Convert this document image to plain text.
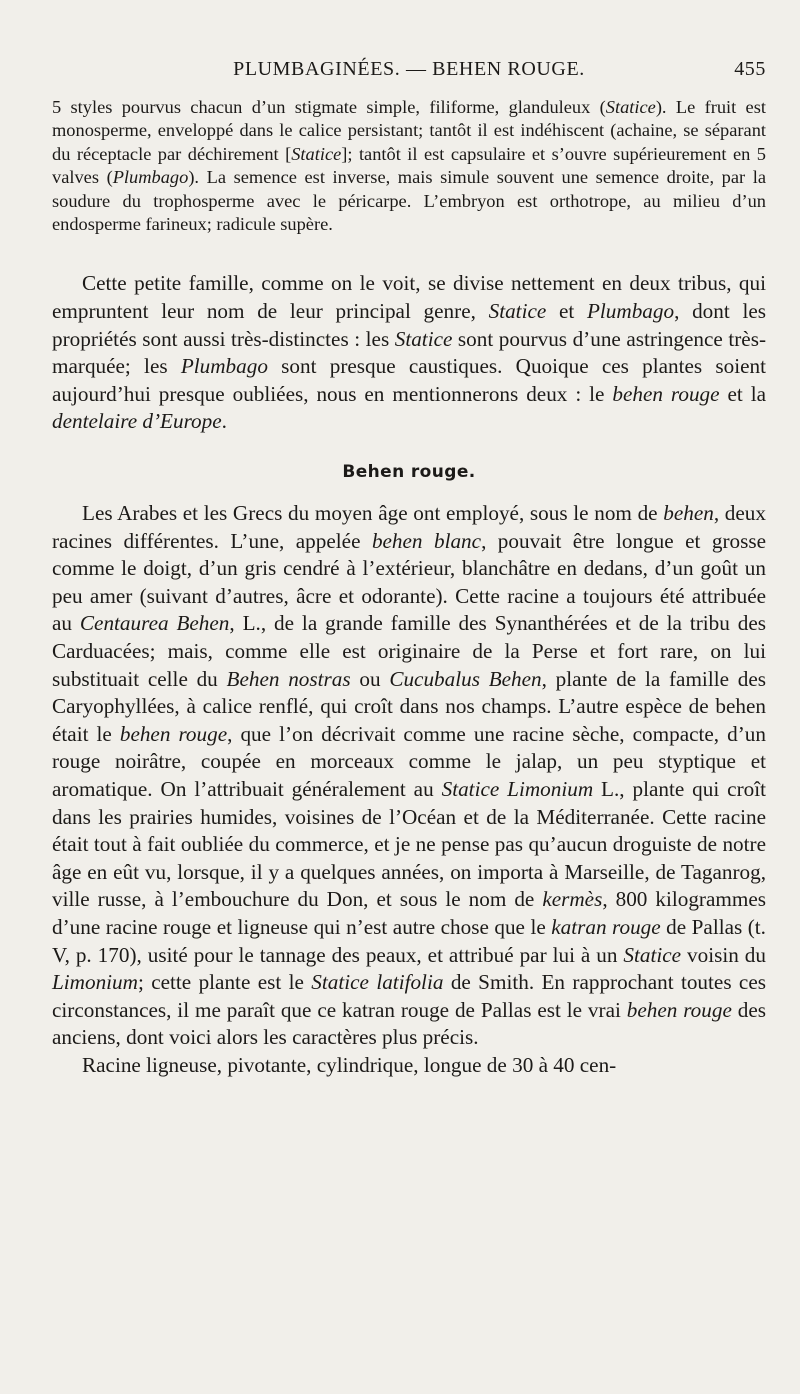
PLUMBAGINÉES. — BEHEN ROUGE.	455

5 styles pourvus chacun d’un stigmate simple, filiforme, glanduleux (Statice). Le fruit est monosperme, enveloppé dans le calice persistant; tantôt il est indéhiscent (achaine, se séparant du réceptacle par déchirement [Statice]; tantôt il est capsulaire et s’ouvre supérieurement en 5 valves (Plumbago). La semence est inverse, mais simule souvent une semence droite, par la soudure du trophosperme avec le péricarpe. L’embryon est orthotrope, au milieu d’un endosperme farineux; radicule supère.

Cette petite famille, comme on le voit, se divise nettement en deux tribus, qui empruntent leur nom de leur principal genre, Statice et Plumbago, dont les propriétés sont aussi très-distinctes : les Statice sont pourvus d’une astringence très-marquée; les Plumbago sont presque caustiques. Quoique ces plantes soient aujourd’hui presque oubliées, nous en mentionnerons deux : le behen rouge et la dentelaire d’Europe.

Behen rouge.

Les Arabes et les Grecs du moyen âge ont employé, sous le nom de behen, deux racines différentes. L’une, appelée behen blanc, pouvait être longue et grosse comme le doigt, d’un gris cendré à l’extérieur, blanchâtre en dedans, d’un goût un peu amer (suivant d’autres, âcre et odorante). Cette racine a toujours été attribuée au Centaurea Behen, L., de la grande famille des Synanthérées et de la tribu des Carduacées; mais, comme elle est originaire de la Perse et fort rare, on lui substituait celle du Behen nostras ou Cucubalus Behen, plante de la famille des Caryophyllées, à calice renflé, qui croît dans nos champs. L’autre espèce de behen était le behen rouge, que l’on décrivait comme une racine sèche, compacte, d’un rouge noirâtre, coupée en morceaux comme le jalap, un peu styptique et aromatique. On l’attribuait généralement au Statice Limonium L., plante qui croît dans les prairies humides, voisines de l’Océan et de la Méditerranée. Cette racine était tout à fait oubliée du commerce, et je ne pense pas qu’aucun droguiste de notre âge en eût vu, lorsque, il y a quelques années, on importa à Marseille, de Taganrog, ville russe, à l’embouchure du Don, et sous le nom de kermès, 800 kilogrammes d’une racine rouge et ligneuse qui n’est autre chose que le katran rouge de Pallas (t. V, p. 170), usité pour le tannage des peaux, et attribué par lui à un Statice voisin du Limonium; cette plante est le Statice latifolia de Smith. En rapprochant toutes ces circonstances, il me paraît que ce katran rouge de Pallas est le vrai behen rouge des anciens, dont voici alors les caractères plus précis.

Racine ligneuse, pivotante, cylindrique, longue de 30 à 40 cen-
